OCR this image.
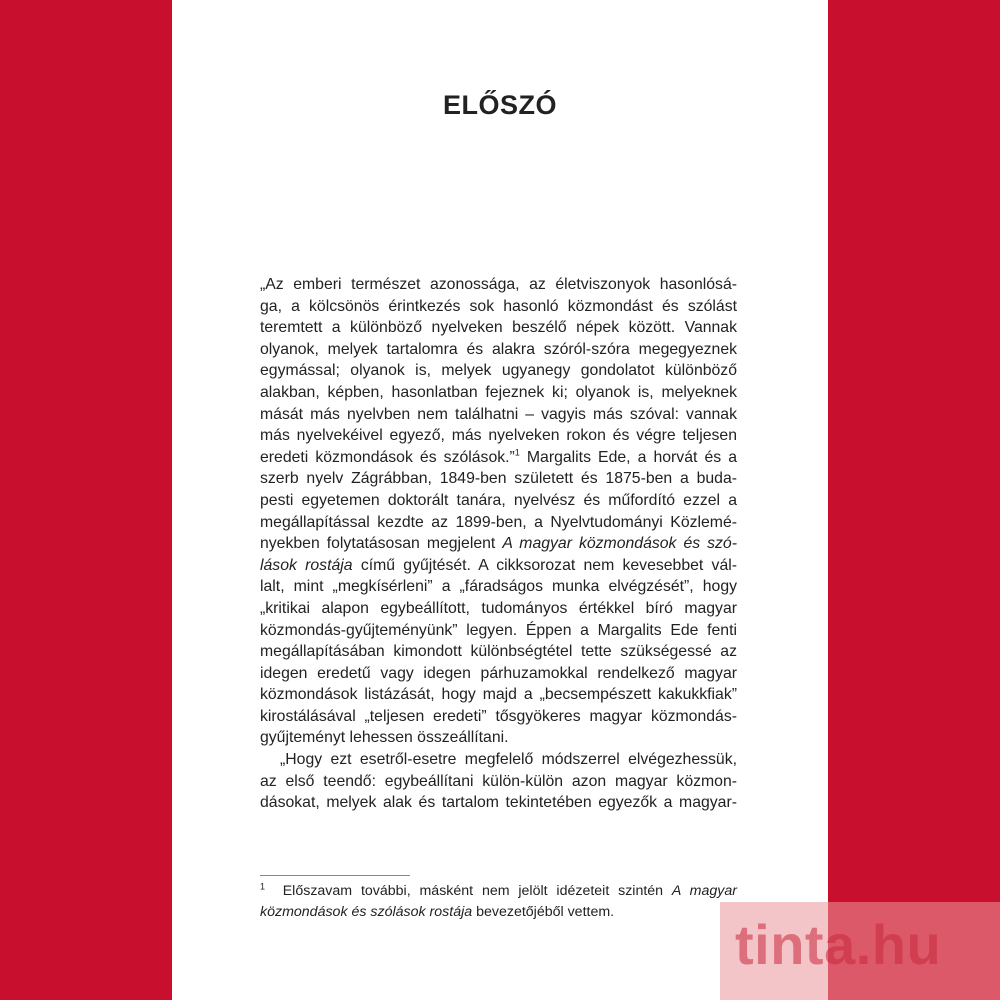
ELŐSZÓ

„Az emberi természet azonossága, az életviszonyok hasonlósá-
ga, a kölcsönös érintkezés sok hasonló közmondást és szólást
teremtett a különböző nyelveken beszélő népek között. Vannak
olyanok, melyek tartalomra és alakra szóról-szóra megegyeznek
egymással; olyanok is, melyek ugyanegy gondolatot különböző
alakban, képben, hasonlatban fejeznek ki; olyanok is, melyeknek
mását más nyelvben nem találhatni – vagyis más szóval: vannak
más nyelvekéivel egyező, más nyelveken rokon és végre teljesen
eredeti közmondások és szólások.”$^1$ Margalits Ede, a horvát és a
szerb nyelv Zágrábban, 1849-ben született és 1875-ben a buda-
pesti egyetemen doktorált tanára, nyelvész és műfordító ezzel a
megállapítással kezdte az 1899-ben, a Nyelvtudományi Közlemé-
nyekben folytatásosan megjelent A magyar közmondások és szó-
lások rostája című gyűjtését. A cikksorozat nem kevesebbet vál-
lalt, mint „megkísérleni” a „fáradságos munka elvégzését”, hogy
„kritikai alapon egybeállított, tudományos értékkel bíró magyar
közmondás-gyűjteményünk” legyen. Éppen a Margalits Ede fenti
megállapításában kimondott különbségtétel tette szükségessé az
idegen eredetű vagy idegen párhuzamokkal rendelkező magyar
közmondások listázását, hogy majd a „becsempészett kakukkfiak”
kirostálásával „teljesen eredeti” tősgyökeres magyar közmondás-
gyűjteményt lehessen összeállítani.

„Hogy ezt esetről-esetre megfelelő módszerrel elvégezhessük,
az első teendő: egybeállítani külön-külön azon magyar közmon-
dásokat, melyek alak és tartalom tekintetében egyezők a magyar-

$^1$ Előszavam további, másként nem jelölt idézeteit szintén A magyar
közmondások és szólások rostája bevezetőjéből vettem.
tinta.hu
